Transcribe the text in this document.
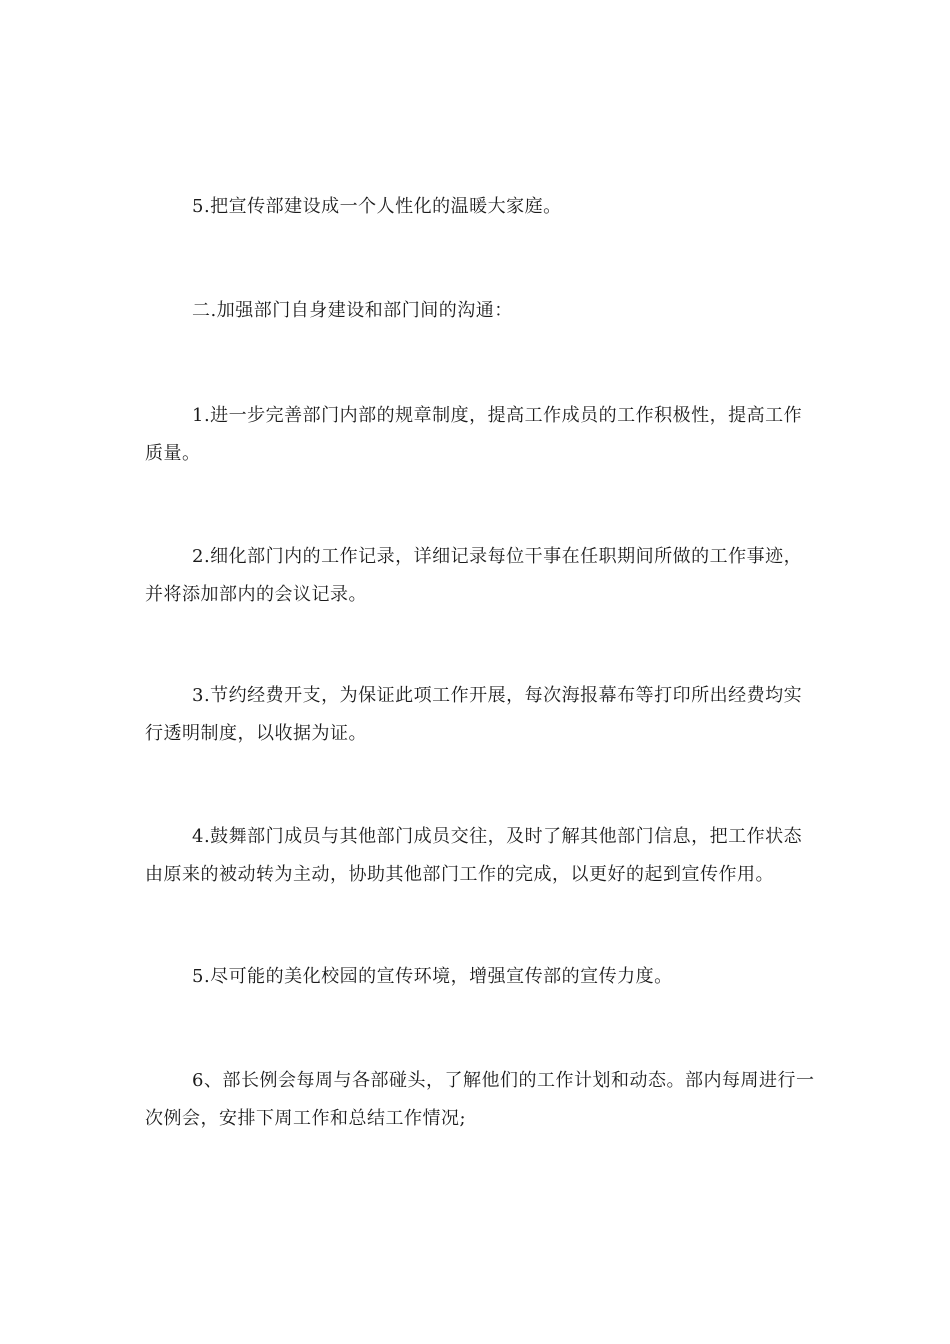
5.把宣传部建设成一个人性化的温暖大家庭。

二.加强部门自身建设和部门间的沟通：

1.进一步完善部门内部的规章制度，提高工作成员的工作积极性，提高工作质量。

2.细化部门内的工作记录，详细记录每位干事在任职期间所做的工作事迹，并将添加部内的会议记录。

3.节约经费开支，为保证此项工作开展，每次海报幕布等打印所出经费均实行透明制度，以收据为证。

4.鼓舞部门成员与其他部门成员交往，及时了解其他部门信息，把工作状态由原来的被动转为主动，协助其他部门工作的完成，以更好的起到宣传作用。

5.尽可能的美化校园的宣传环境，增强宣传部的宣传力度。

6、部长例会每周与各部碰头，了解他们的工作计划和动态。部内每周进行一次例会，安排下周工作和总结工作情况;
